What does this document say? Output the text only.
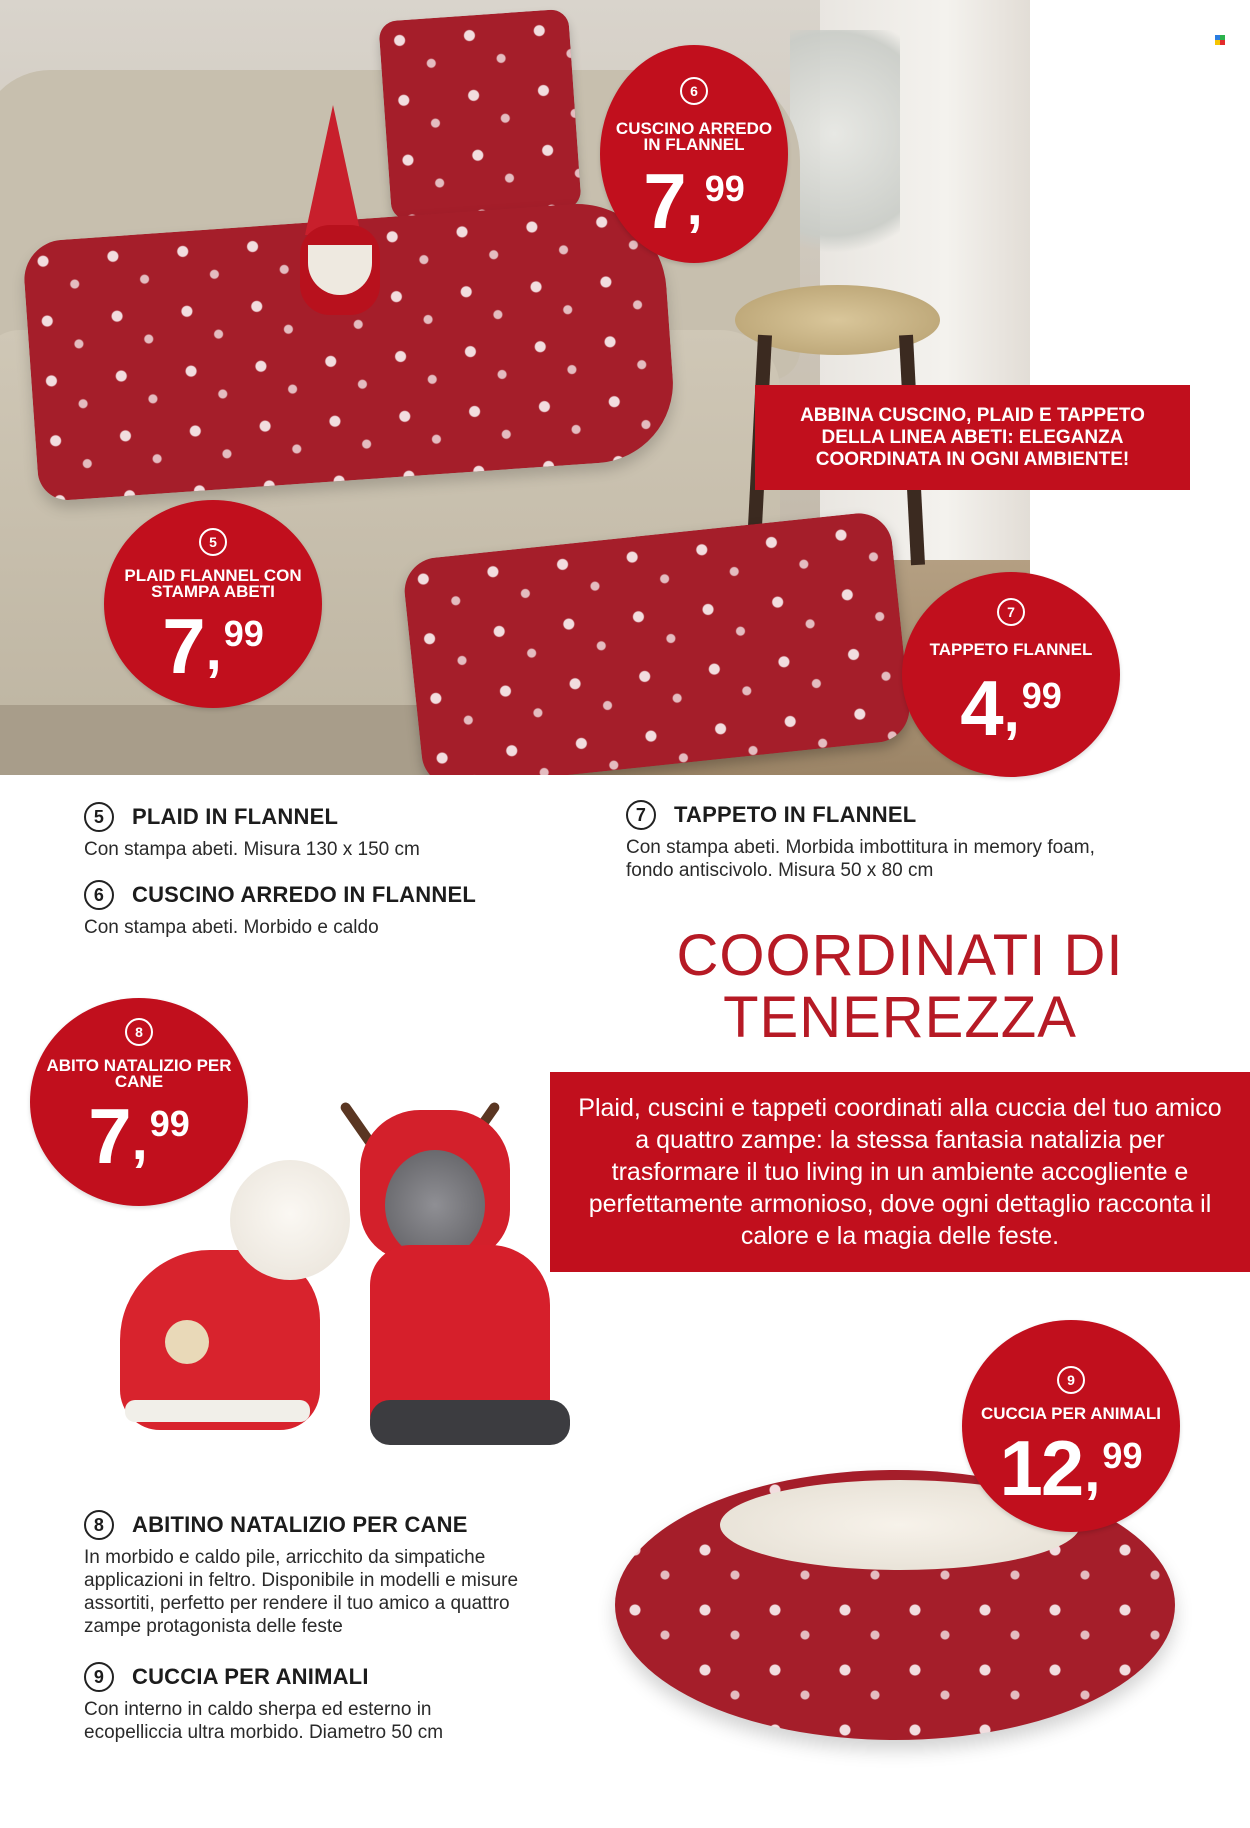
6
CUSCINO ARREDO IN FLANNEL
7 , 99
ABBINA CUSCINO, PLAID E TAPPETO DELLA LINEA ABETI: ELEGANZA COORDINATA IN OGNI AMBIENTE!
5
PLAID FLANNEL CON STAMPA ABETI
7 , 99
7
TAPPETO FLANNEL
4 , 99
5	PLAID IN FLANNEL
Con stampa abeti. Misura 130 x 150 cm
6	CUSCINO ARREDO IN FLANNEL
Con stampa abeti. Morbido e caldo
7	TAPPETO IN FLANNEL
Con stampa abeti. Morbida imbottitura in memory foam,
fondo antiscivolo. Misura 50 x 80 cm
COORDINATI DI
TENEREZZA
Plaid, cuscini e tappeti coordinati alla cuccia del tuo amico a quattro zampe: la stessa fantasia natalizia per trasformare il tuo living in un ambiente accogliente e perfettamente armonioso, dove ogni dettaglio racconta il calore e la magia delle feste.
8
ABITO NATALIZIO PER CANE
7 , 99
9
CUCCIA PER ANIMALI
12 , 99
8	ABITINO NATALIZIO PER CANE
In morbido e caldo pile, arricchito da simpatiche
applicazioni in feltro. Disponibile in modelli e misure
assortiti, perfetto per rendere il tuo amico a quattro
zampe protagonista delle feste
9	CUCCIA PER ANIMALI
Con interno in caldo sherpa ed esterno in
ecopelliccia ultra morbido. Diametro 50 cm
